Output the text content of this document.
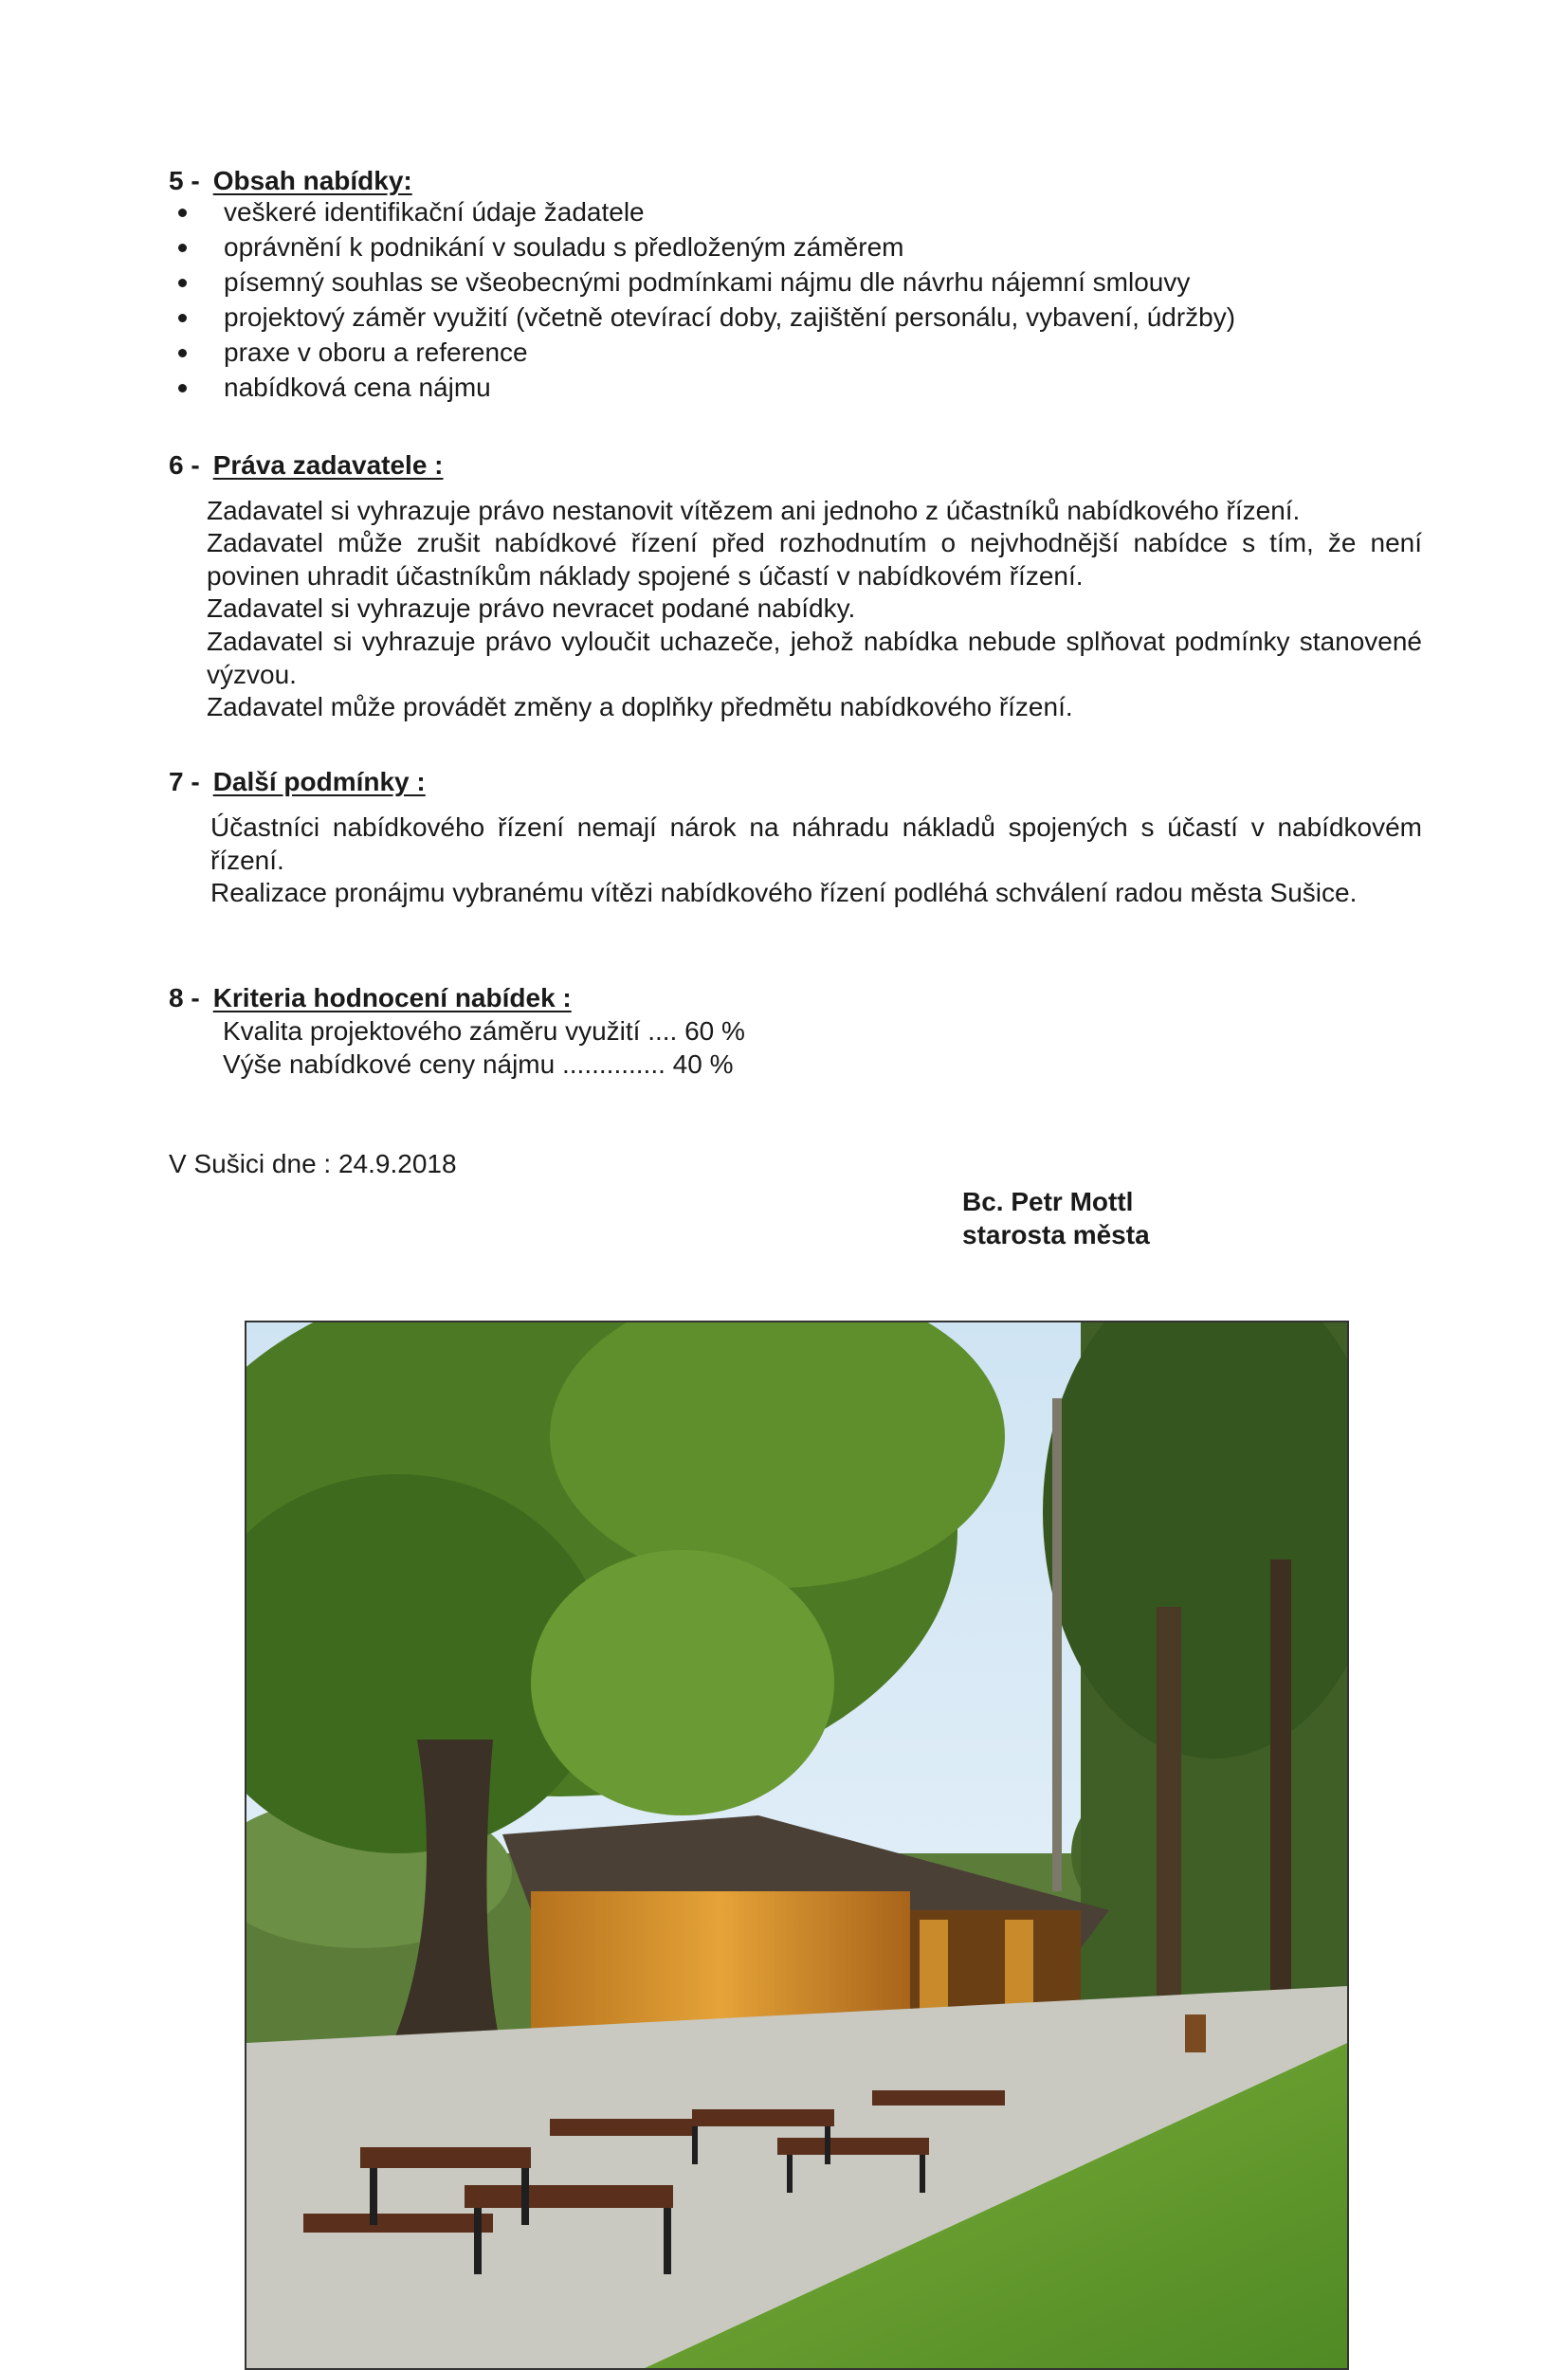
5 - Obsah nabídky:
veškeré identifikační údaje žadatele
oprávnění k podnikání v souladu s předloženým záměrem
písemný souhlas se všeobecnými podmínkami nájmu dle návrhu nájemní smlouvy
projektový záměr využití (včetně otevírací doby, zajištění personálu, vybavení, údržby)
praxe v oboru a reference
nabídková cena nájmu
6 - Práva zadavatele :

Zadavatel si vyhrazuje právo nestanovit vítězem ani jednoho z účastníků nabídkového řízení.

Zadavatel může zrušit nabídkové řízení před rozhodnutím o nejvhodnější nabídce s tím, že není povinen uhradit účastníkům náklady spojené s účastí v nabídkovém řízení.

Zadavatel si vyhrazuje právo nevracet podané nabídky.

Zadavatel si vyhrazuje právo vyloučit uchazeče, jehož nabídka nebude splňovat podmínky stanovené výzvou.

Zadavatel může provádět změny a doplňky předmětu nabídkového řízení.

7 - Další podmínky :

Účastníci nabídkového řízení nemají nárok na náhradu nákladů spojených s účastí v nabídkovém řízení.

Realizace pronájmu vybranému vítězi nabídkového řízení podléhá schválení radou města Sušice.

8 - Kriteria hodnocení nabídek :
Kvalita projektového záměru využití .... 60 %
Výše nabídkové ceny nájmu .............. 40 %
V Sušici dne : 24.9.2018
Bc. Petr Mottl
starosta města
